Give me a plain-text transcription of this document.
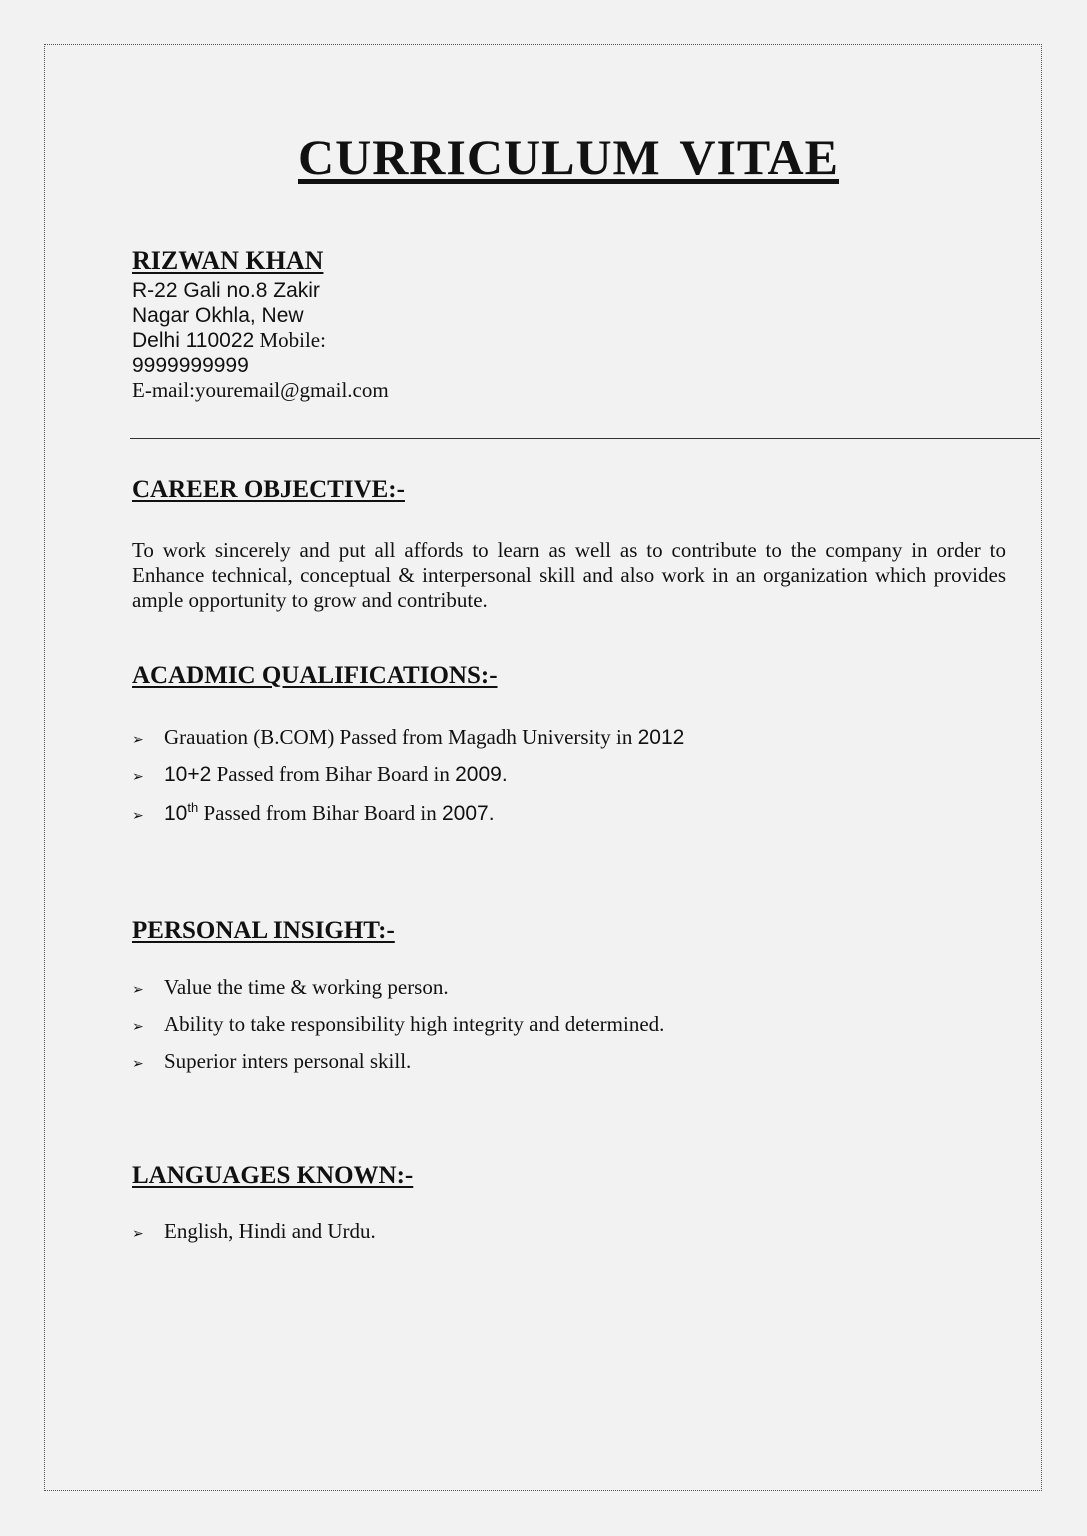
CURRICULUM VITAE
RIZWAN KHAN
R-22 Gali no.8 Zakir
Nagar Okhla, New
Delhi 110022 Mobile:
9999999999
E-mail:youremail@gmail.com
CAREER OBJECTIVE:-
To work sincerely and put all affords to learn as well as to contribute to the company in order to Enhance technical, conceptual & interpersonal skill and also work in an organization which provides ample opportunity to grow and contribute.
ACADMIC QUALIFICATIONS:-
➢ Grauation (B.COM) Passed from Magadh University in 2012
➢ 10+2 Passed from Bihar Board in 2009.
➢ 10th Passed from Bihar Board in 2007.
PERSONAL INSIGHT:-
➢ Value the time & working person.
➢ Ability to take responsibility high integrity and determined.
➢ Superior inters personal skill.
LANGUAGES KNOWN:-
➢ English, Hindi and Urdu.
